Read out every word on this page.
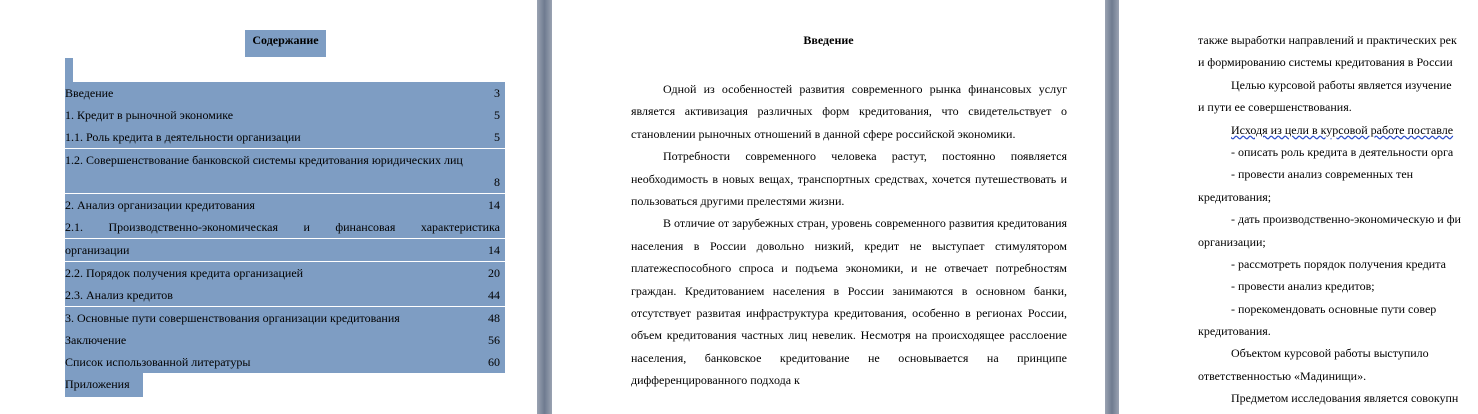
Содержание
Введение	3
1. Кредит в рыночной экономике	5
1.1. Роль кредита в деятельности организации	5
1.2. Совершенствование банковской системы кредитования юридических лиц
8
2. Анализ организации кредитования	14
2.1. Производственно-экономическая и финансовая характеристика
организации	14
2.2. Порядок получения кредита организацией	20
2.3. Анализ кредитов	44
3. Основные пути совершенствования организации кредитования	48
Заключение	56
Список использованной литературы	60
Приложения
Введение

Одной из особенностей развития современного рынка финансовых услуг является активизация различных форм кредитования, что свидетельствует о становлении рыночных отношений в данной сфере российской экономики.

Потребности современного человека растут, постоянно появляется необходимость в новых вещах, транспортных средствах, хочется путешествовать и пользоваться другими прелестями жизни.

В отличие от зарубежных стран, уровень современного развития кредитования населения в России довольно низкий, кредит не выступает стимулятором платежеспособного спроса и подъема экономики, и не отвечает потребностям граждан. Кредитованием населения в России занимаются в основном банки, отсутствует развитая инфраструктура кредитования, особенно в регионах России, объем кредитования частных лиц невелик. Несмотря на происходящее расслоение населения, банковское кредитование не основывается на принципе дифференцированного подхода к

также выработки направлений и практических рек
и формированию системы кредитования в России
Целью курсовой работы является изучение
и пути ее совершенствования.
Исходя из цели в курсовой работе поставле
- описать роль кредита в деятельности орга
- провести анализ современных тен
кредитования;
- дать производственно-экономическую и фи
организации;
- рассмотреть порядок получения кредита
- провести анализ кредитов;
- порекомендовать основные пути совер
кредитования.
Объектом курсовой работы выступило
ответственностью «Мадинищи».
Предметом исследования является совокупн
